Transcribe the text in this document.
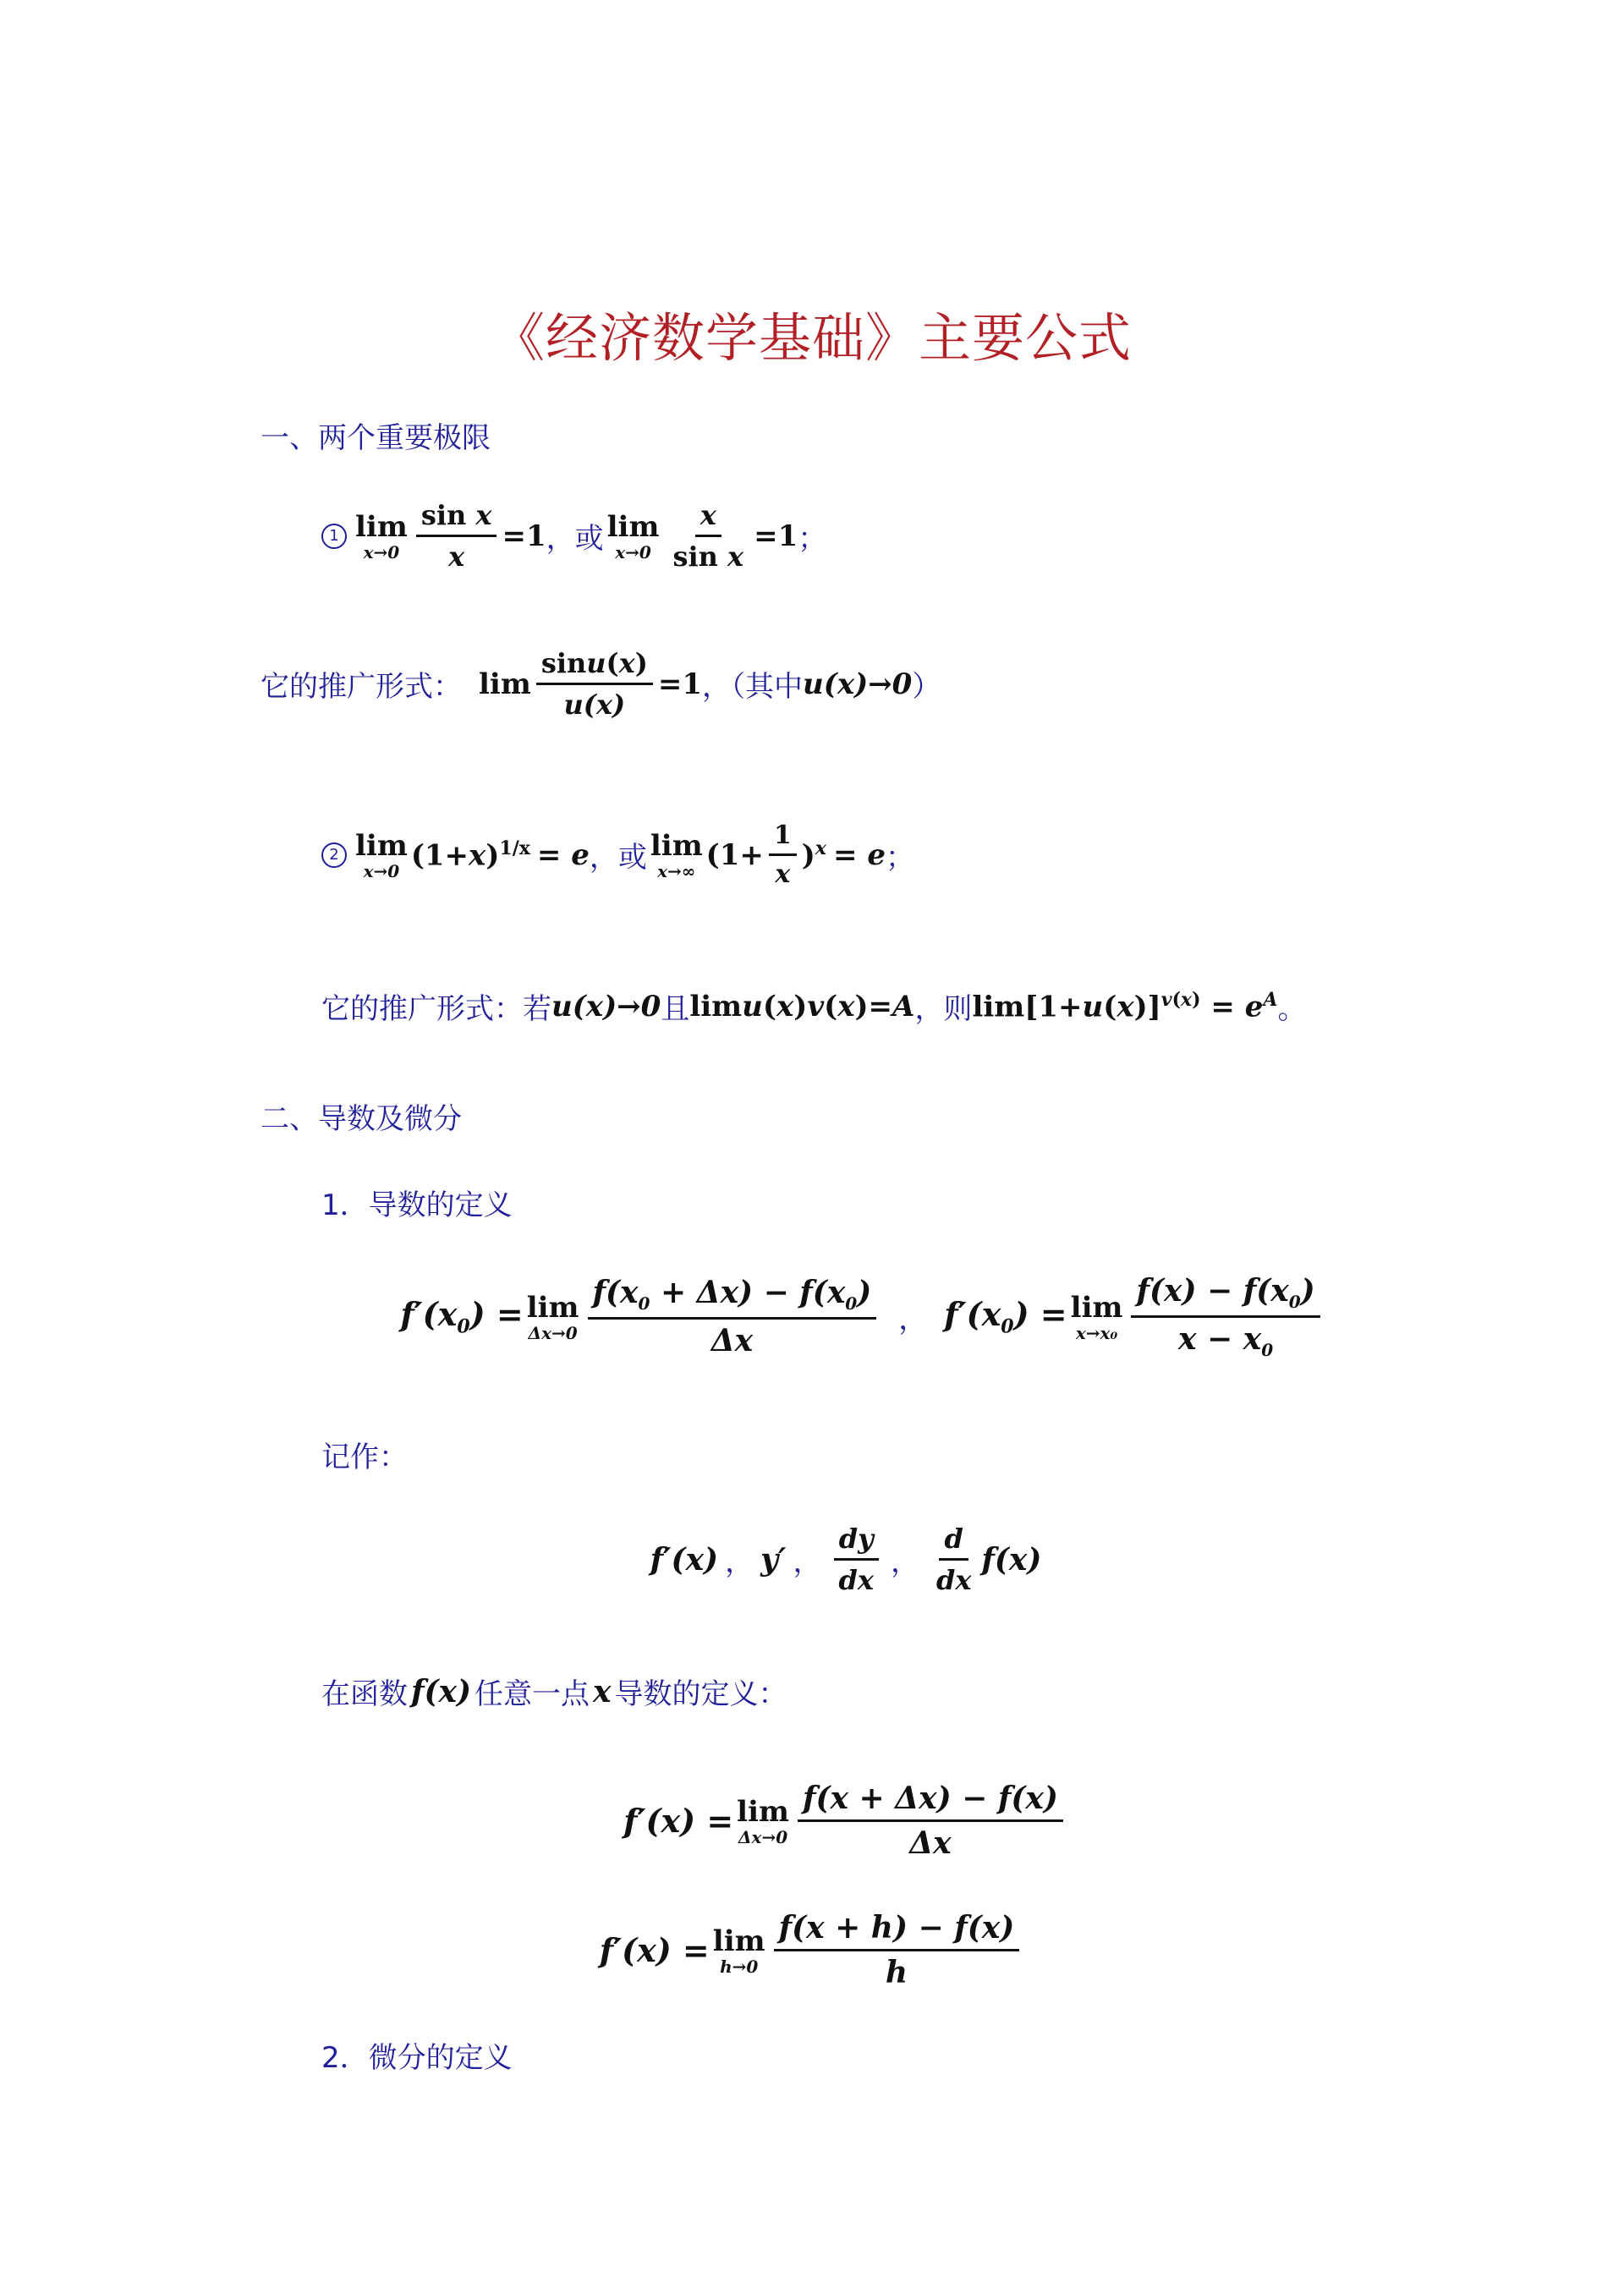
《经济数学基础》主要公式
一、两个重要极限
1 lim
$x\to 0 \frac{\text{sin x}}{x} =1$ ，或 lim
$x\to 0 \frac{x}{\text{sin x}} =1$ ；
它的推广形式： $\lim \frac{\sin u(x)}{u(x)} =1$ ，（其中 u(x)→0 ）
2 lim
x→0 $(1+x)^{1/x} = e$ ，或 lim
x→∞ $(1+ \frac{1}{x} )^x = e$ ；
它的推广形式：若 u(x)→0 且 limu(x)v(x)=A ，则 $\lim[1+u(x)]^{v(x)} = e^A$ 。
二、导数及微分
1．导数的定义
$f'(x_0) = \lim$
$\Delta x\to 0 \frac{f(x_0 + \Delta x) - f(x_0)}{\Delta x}$ ， $f'(x_0) = \lim$
$x\to x_0 \frac{f(x) - f(x_0)}{x - x_0}$
记作：
f′(x) ， y′ ， $\frac{dy}{dx}$ ， $\frac{d}{dx} f(x)$
在函数 f(x) 任意一点 x 导数的定义：
f′(x) = lim
$\Delta x\to 0 \frac{f(x + \Delta x) - f(x)}{\Delta x}$
f′(x) = lim
$h\to 0 \frac{f(x + h) - f(x)}{h}$
2．微分的定义
